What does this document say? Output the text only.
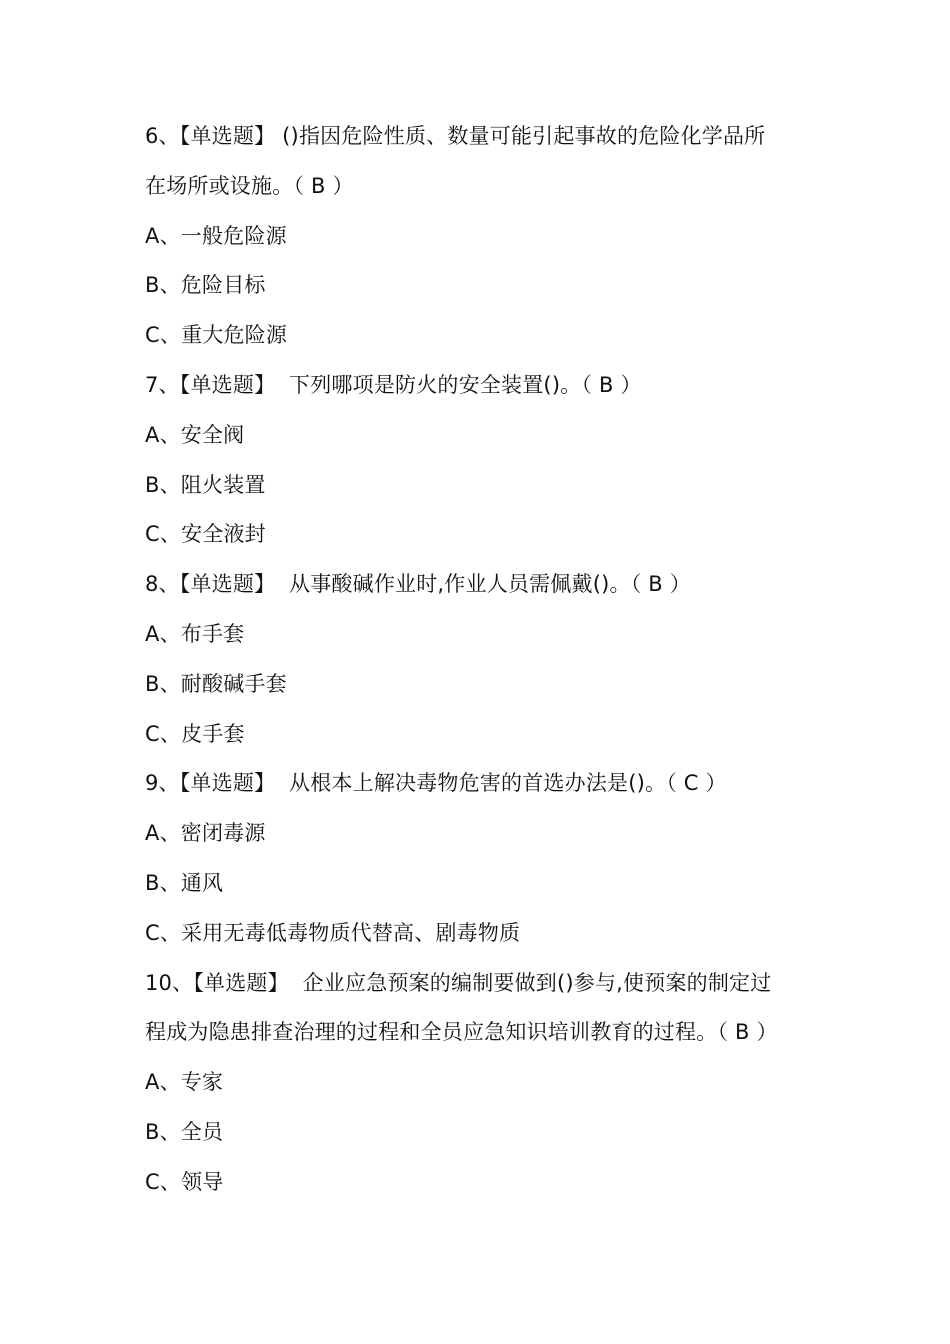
6、【单选题】 ()指因危险性质、数量可能引起事故的危险化学品所
在场所或设施。（ B ）
A、一般危险源
B、危险目标
C、重大危险源
7、【单选题】 下列哪项是防火的安全装置()。（ B ）
A、安全阀
B、阻火装置
C、安全液封
8、【单选题】 从事酸碱作业时,作业人员需佩戴()。（ B ）
A、布手套
B、耐酸碱手套
C、皮手套
9、【单选题】 从根本上解决毒物危害的首选办法是()。（ C ）
A、密闭毒源
B、通风
C、采用无毒低毒物质代替高、剧毒物质
10、【单选题】 企业应急预案的编制要做到()参与,使预案的制定过
程成为隐患排查治理的过程和全员应急知识培训教育的过程。（ B ）
A、专家
B、全员
C、领导
